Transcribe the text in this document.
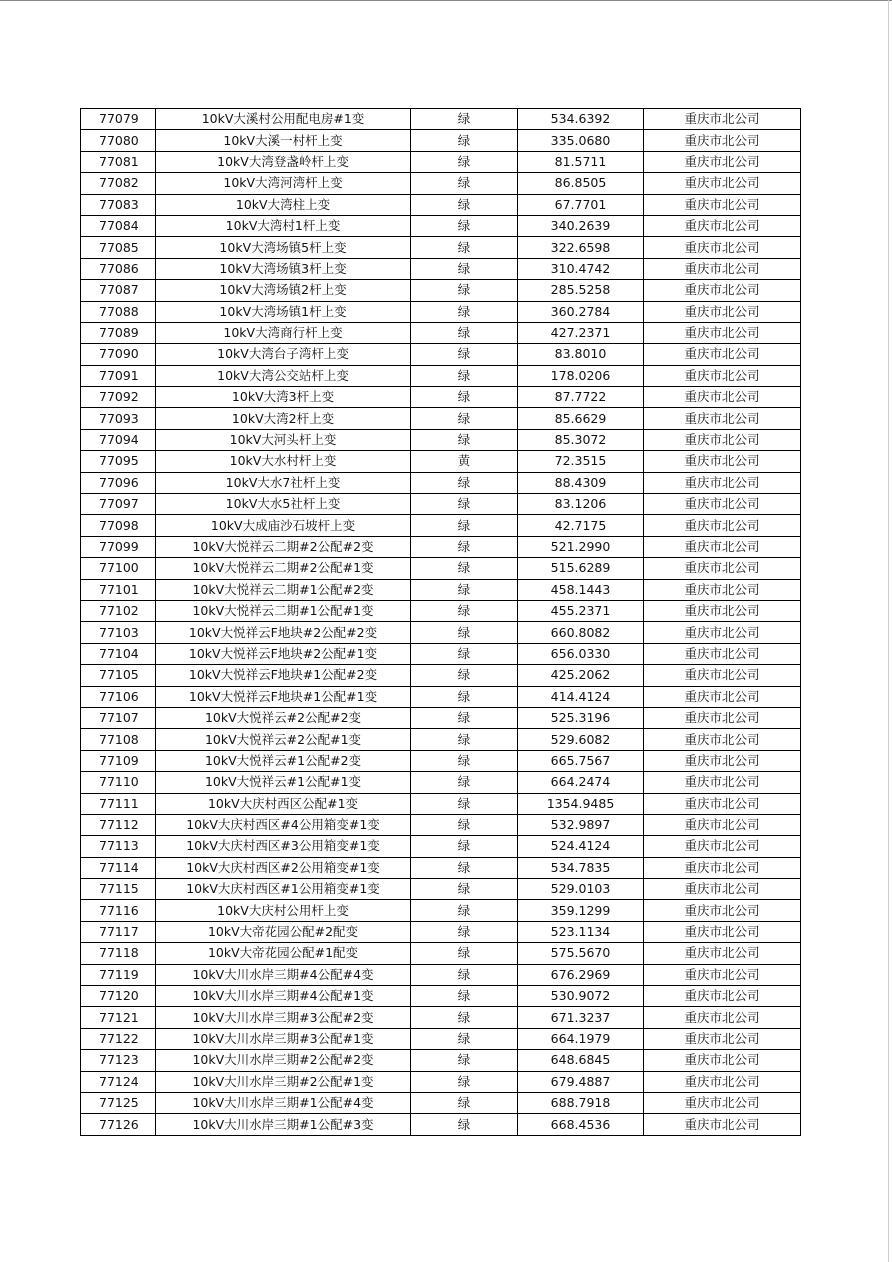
77079	10kV大溪村公用配电房#1变	绿	534.6392	重庆市北公司
77080	10kV大溪一村杆上变	绿	335.0680	重庆市北公司
77081	10kV大湾登盏岭杆上变	绿	81.5711	重庆市北公司
77082	10kV大湾河湾杆上变	绿	86.8505	重庆市北公司
77083	10kV大湾柱上变	绿	67.7701	重庆市北公司
77084	10kV大湾村1杆上变	绿	340.2639	重庆市北公司
77085	10kV大湾场镇5杆上变	绿	322.6598	重庆市北公司
77086	10kV大湾场镇3杆上变	绿	310.4742	重庆市北公司
77087	10kV大湾场镇2杆上变	绿	285.5258	重庆市北公司
77088	10kV大湾场镇1杆上变	绿	360.2784	重庆市北公司
77089	10kV大湾商行杆上变	绿	427.2371	重庆市北公司
77090	10kV大湾台子湾杆上变	绿	83.8010	重庆市北公司
77091	10kV大湾公交站杆上变	绿	178.0206	重庆市北公司
77092	10kV大湾3杆上变	绿	87.7722	重庆市北公司
77093	10kV大湾2杆上变	绿	85.6629	重庆市北公司
77094	10kV大河头杆上变	绿	85.3072	重庆市北公司
77095	10kV大水村杆上变	黄	72.3515	重庆市北公司
77096	10kV大水7社杆上变	绿	88.4309	重庆市北公司
77097	10kV大水5社杆上变	绿	83.1206	重庆市北公司
77098	10kV大成庙沙石坡杆上变	绿	42.7175	重庆市北公司
77099	10kV大悦祥云二期#2公配#2变	绿	521.2990	重庆市北公司
77100	10kV大悦祥云二期#2公配#1变	绿	515.6289	重庆市北公司
77101	10kV大悦祥云二期#1公配#2变	绿	458.1443	重庆市北公司
77102	10kV大悦祥云二期#1公配#1变	绿	455.2371	重庆市北公司
77103	10kV大悦祥云F地块#2公配#2变	绿	660.8082	重庆市北公司
77104	10kV大悦祥云F地块#2公配#1变	绿	656.0330	重庆市北公司
77105	10kV大悦祥云F地块#1公配#2变	绿	425.2062	重庆市北公司
77106	10kV大悦祥云F地块#1公配#1变	绿	414.4124	重庆市北公司
77107	10kV大悦祥云#2公配#2变	绿	525.3196	重庆市北公司
77108	10kV大悦祥云#2公配#1变	绿	529.6082	重庆市北公司
77109	10kV大悦祥云#1公配#2变	绿	665.7567	重庆市北公司
77110	10kV大悦祥云#1公配#1变	绿	664.2474	重庆市北公司
77111	10kV大庆村西区公配#1变	绿	1354.9485	重庆市北公司
77112	10kV大庆村西区#4公用箱变#1变	绿	532.9897	重庆市北公司
77113	10kV大庆村西区#3公用箱变#1变	绿	524.4124	重庆市北公司
77114	10kV大庆村西区#2公用箱变#1变	绿	534.7835	重庆市北公司
77115	10kV大庆村西区#1公用箱变#1变	绿	529.0103	重庆市北公司
77116	10kV大庆村公用杆上变	绿	359.1299	重庆市北公司
77117	10kV大帝花园公配#2配变	绿	523.1134	重庆市北公司
77118	10kV大帝花园公配#1配变	绿	575.5670	重庆市北公司
77119	10kV大川水岸三期#4公配#4变	绿	676.2969	重庆市北公司
77120	10kV大川水岸三期#4公配#1变	绿	530.9072	重庆市北公司
77121	10kV大川水岸三期#3公配#2变	绿	671.3237	重庆市北公司
77122	10kV大川水岸三期#3公配#1变	绿	664.1979	重庆市北公司
77123	10kV大川水岸三期#2公配#2变	绿	648.6845	重庆市北公司
77124	10kV大川水岸三期#2公配#1变	绿	679.4887	重庆市北公司
77125	10kV大川水岸三期#1公配#4变	绿	688.7918	重庆市北公司
77126	10kV大川水岸三期#1公配#3变	绿	668.4536	重庆市北公司
